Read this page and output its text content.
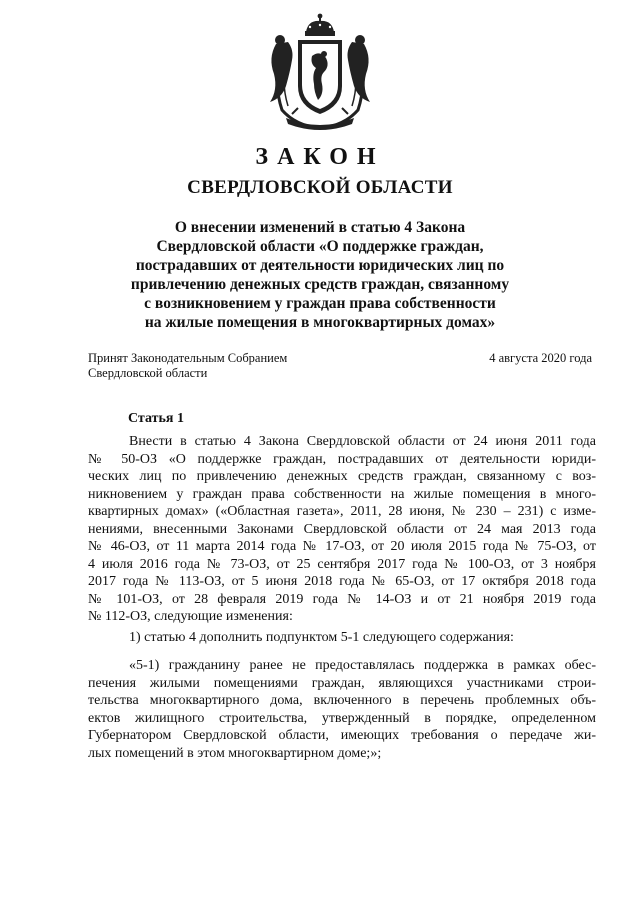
ЗАКОН
СВЕРДЛОВСКОЙ ОБЛАСТИ
О внесении изменений в статью 4 Закона
Свердловской области «О поддержке граждан,
пострадавших от деятельности юридических лиц по
привлечению денежных средств граждан, связанному
с возникновением у граждан права собственности
на жилые помещения в многоквартирных домах»
Принят Законодательным Собранием
Свердловской области
4 августа 2020 года
Статья 1
Внести в статью 4 Закона Свердловской области от 24 июня 2011 года
№ 50-ОЗ «О поддержке граждан, пострадавших от деятельности юриди-
ческих лиц по привлечению денежных средств граждан, связанному с воз-
никновением у граждан права собственности на жилые помещения в много-
квартирных домах» («Областная газета», 2011, 28 июня, № 230 – 231) с изме-
нениями, внесенными Законами Свердловской области от 24 мая 2013 года
№ 46-ОЗ, от 11 марта 2014 года № 17-ОЗ, от 20 июля 2015 года № 75-ОЗ, от
4 июля 2016 года № 73-ОЗ, от 25 сентября 2017 года № 100-ОЗ, от 3 ноября
2017 года № 113-ОЗ, от 5 июня 2018 года № 65-ОЗ, от 17 октября 2018 года
№ 101-ОЗ, от 28 февраля 2019 года № 14-ОЗ и от 21 ноября 2019 года
№ 112-ОЗ, следующие изменения:
1) статью 4 дополнить подпунктом 5-1 следующего содержания:
«5-1) гражданину ранее не предоставлялась поддержка в рамках обес-
печения жилыми помещениями граждан, являющихся участниками строи-
тельства многоквартирного дома, включенного в перечень проблемных объ-
ектов жилищного строительства, утвержденный в порядке, определенном
Губернатором Свердловской области, имеющих требования о передаче жи-
лых помещений в этом многоквартирном доме;»;
